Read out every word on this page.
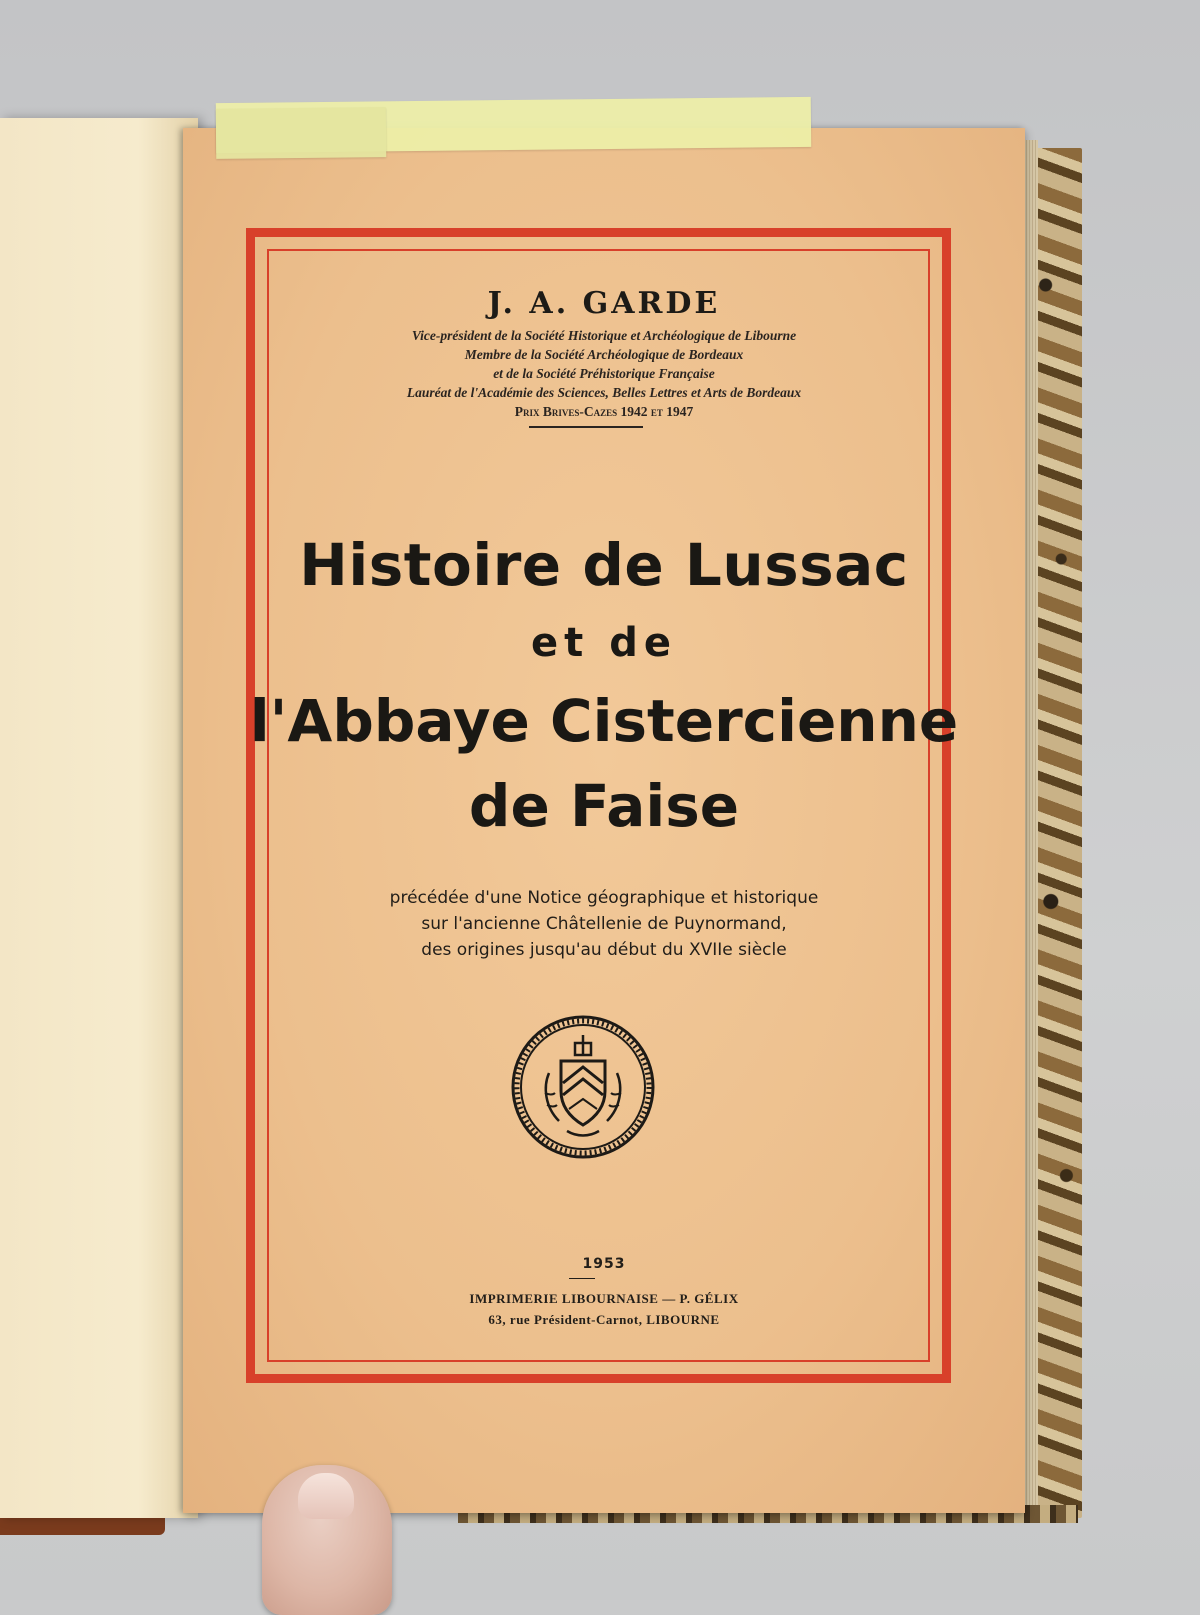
J. A. GARDE
Vice-président de la Société Historique et Archéologique de Libourne
Membre de la Société Archéologique de Bordeaux
et de la Société Préhistorique Française
Lauréat de l'Académie des Sciences, Belles Lettres et Arts de Bordeaux
Prix Brives-Cazes 1942 et 1947
Histoire de Lussac
et de
l'Abbaye Cistercienne
de Faise
précédée d'une Notice géographique et historique
sur l'ancienne Châtellenie de Puynormand,
des origines jusqu'au début du XVIIe siècle
1953
IMPRIMERIE LIBOURNAISE — P. GÉLIX
63, rue Président-Carnot, LIBOURNE
